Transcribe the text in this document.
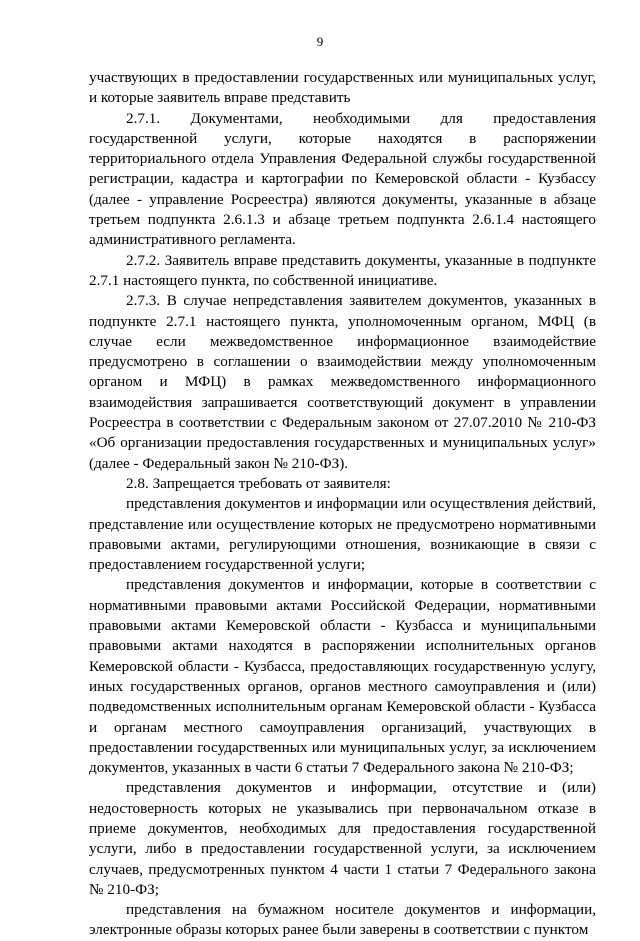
9

участвующих в предоставлении государственных или муниципальных услуг, и которые заявитель вправе представить

2.7.1. Документами, необходимыми для предоставления государственной услуги, которые находятся в распоряжении территориального отдела Управления Федеральной службы государственной регистрации, кадастра и картографии по Кемеровской области - Кузбассу (далее - управление Росреестра) являются документы, указанные в абзаце третьем подпункта 2.6.1.3 и абзаце третьем подпункта 2.6.1.4 настоящего административного регламента.

2.7.2. Заявитель вправе представить документы, указанные в подпункте 2.7.1 настоящего пункта, по собственной инициативе.

2.7.3. В случае непредставления заявителем документов, указанных в подпункте 2.7.1 настоящего пункта, уполномоченным органом, МФЦ (в случае если межведомственное информационное взаимодействие предусмотрено в соглашении о взаимодействии между уполномоченным органом и МФЦ) в рамках межведомственного информационного взаимодействия запрашивается соответствующий документ в управлении Росреестра в соответствии с Федеральным законом от 27.07.2010 № 210-ФЗ «Об организации предоставления государственных и муниципальных услуг» (далее - Федеральный закон № 210-ФЗ).

2.8. Запрещается требовать от заявителя:

представления документов и информации или осуществления действий, представление или осуществление которых не предусмотрено нормативными правовыми актами, регулирующими отношения, возникающие в связи с предоставлением государственной услуги;

представления документов и информации, которые в соответствии с нормативными правовыми актами Российской Федерации, нормативными правовыми актами Кемеровской области - Кузбасса и муниципальными правовыми актами находятся в распоряжении исполнительных органов Кемеровской области - Кузбасса, предоставляющих государственную услугу, иных государственных органов, органов местного самоуправления и (или) подведомственных исполнительным органам Кемеровской области - Кузбасса и органам местного самоуправления организаций, участвующих в предоставлении государственных или муниципальных услуг, за исключением документов, указанных в части 6 статьи 7 Федерального закона № 210-ФЗ;

представления документов и информации, отсутствие и (или) недостоверность которых не указывались при первоначальном отказе в приеме документов, необходимых для предоставления государственной услуги, либо в предоставлении государственной услуги, за исключением случаев, предусмотренных пунктом 4 части 1 статьи 7 Федерального закона № 210-ФЗ;

представления на бумажном носителе документов и информации, электронные образы которых ранее были заверены в соответствии с пунктом
